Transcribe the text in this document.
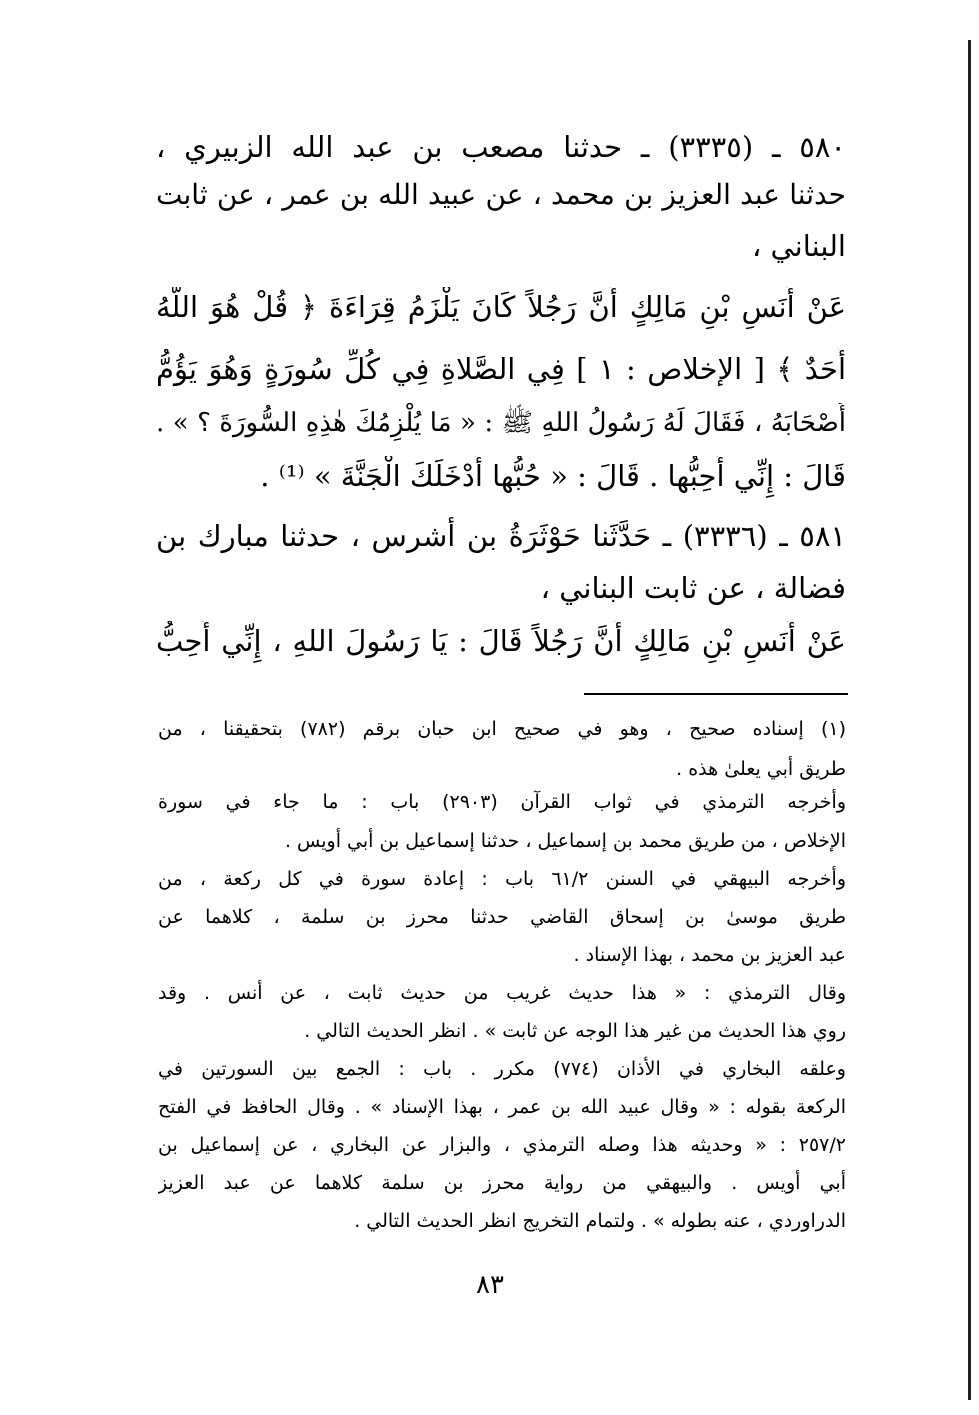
٥٨٠ ـ (٣٣٣٥) ـ حدثنا مصعب بن عبد الله الزبيري ،
حدثنا عبد العزيز بن محمد ، عن عبيد الله بن عمر ، عن ثابت
البناني ،
عَنْ أَنَسِ بْنِ مَالِكٍ أَنَّ رَجُلاً كَانَ يَلْزَمُ قِرَاءَةَ ﴿ قُلْ هُوَ اللَّهُ
أَحَدٌ ﴾ [ الإخلاص : ١ ] فِي الصَّلاةِ فِي كُلِّ سُورَةٍ وَهُوَ يَؤُمُّ
أَصْحَابَهُ ، فَقَالَ لَهُ رَسُولُ اللهِ ﷺ : « مَا يُلْزِمُكَ هٰذِهِ السُّورَةَ ؟ » .
قَالَ : إِنِّي أُحِبُّها . قَالَ : « حُبُّها أَدْخَلَكَ الْجَنَّةَ » ⁽¹⁾ .
٥٨١ ـ (٣٣٣٦) ـ حَدَّثَنا حَوْثَرَةُ بن أشرس ، حدثنا مبارك بن
فضالة ، عن ثابت البناني ،
عَنْ أَنَسِ بْنِ مَالِكٍ أَنَّ رَجُلاً قَالَ : يَا رَسُولَ اللهِ ، إِنِّي أُحِبُّ
(١) إسناده صحيح ، وهو في صحيح ابن حبان برقم (٧٨٢) بتحقيقنا ، من
طريق أبي يعلىٰ هذه .
وأخرجه الترمذي في ثواب القرآن (٢٩٠٣) باب : ما جاء في سورة
الإخلاص ، من طريق محمد بن إسماعيل ، حدثنا إسماعيل بن أبي أويس .
وأخرجه البيهقي في السنن ٦١/٢ باب : إعادة سورة في كل ركعة ، من
طريق موسىٰ بن إسحاق القاضي حدثنا محرز بن سلمة ، كلاهما عن
عبد العزيز بن محمد ، بهذا الإسناد .
وقال الترمذي : « هذا حديث غريب من حديث ثابت ، عن أنس . وقد
روي هذا الحديث من غير هذا الوجه عن ثابت » . انظر الحديث التالي .
وعلقه البخاري في الأذان (٧٧٤) مكرر . باب : الجمع بين السورتين في
الركعة بقوله : « وقال عبيد الله بن عمر ، بهذا الإسناد » . وقال الحافظ في الفتح
٢٥٧/٢ : « وحديثه هذا وصله الترمذي ، والبزار عن البخاري ، عن إسماعيل بن
أبي أويس . والبيهقي من رواية محرز بن سلمة كلاهما عن عبد العزيز
الدراوردي ، عنه بطوله » . ولتمام التخريج انظر الحديث التالي .
٨٣
